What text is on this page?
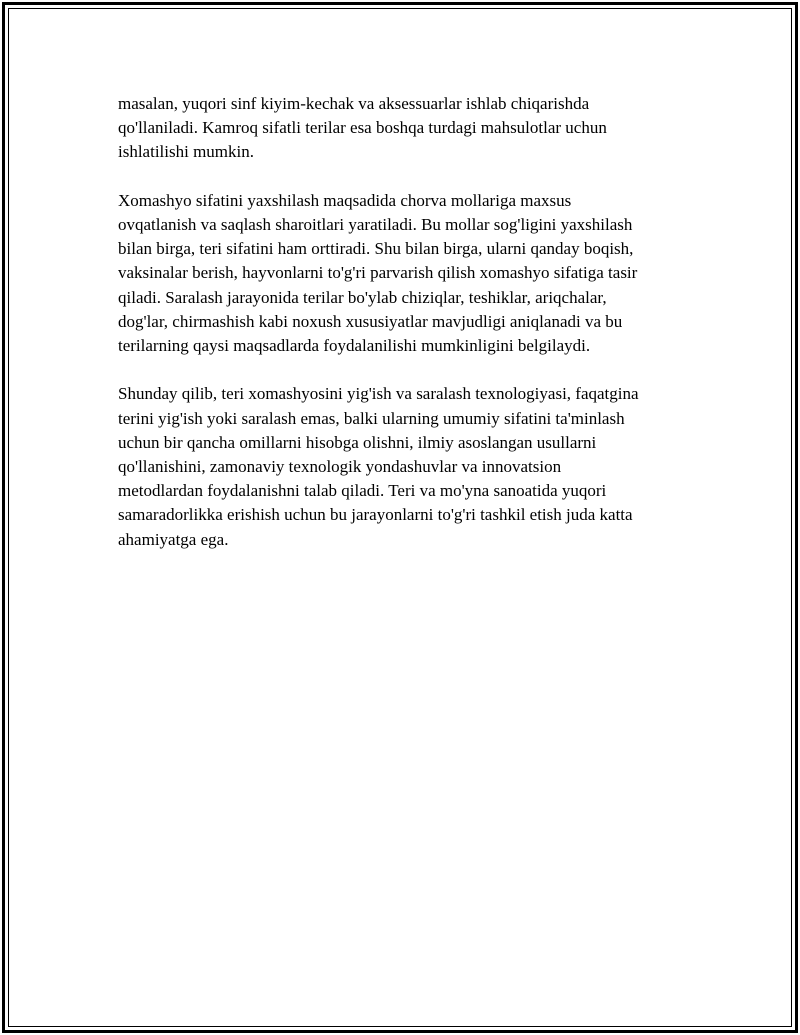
masalan, yuqori sinf kiyim-kechak va aksessuarlar ishlab chiqarishda
qo'llaniladi. Kamroq sifatli terilar esa boshqa turdagi mahsulotlar uchun
ishlatilishi mumkin.

Xomashyo sifatini yaxshilash maqsadida chorva mollariga maxsus
ovqatlanish va saqlash sharoitlari yaratiladi. Bu mollar sog'ligini yaxshilash
bilan birga, teri sifatini ham orttiradi. Shu bilan birga, ularni qanday boqish,
vaksinalar berish, hayvonlarni to'g'ri parvarish qilish xomashyo sifatiga tasir
qiladi. Saralash jarayonida terilar bo'ylab chiziqlar, teshiklar, ariqchalar,
dog'lar, chirmashish kabi noxush xususiyatlar mavjudligi aniqlanadi va bu
terilarning qaysi maqsadlarda foydalanilishi mumkinligini belgilaydi.

Shunday qilib, teri xomashyosini yig'ish va saralash texnologiyasi, faqatgina
terini yig'ish yoki saralash emas, balki ularning umumiy sifatini ta'minlash
uchun bir qancha omillarni hisobga olishni, ilmiy asoslangan usullarni
qo'llanishini, zamonaviy texnologik yondashuvlar va innovatsion
metodlardan foydalanishni talab qiladi. Teri va mo'yna sanoatida yuqori
samaradorlikka erishish uchun bu jarayonlarni to'g'ri tashkil etish juda katta
ahamiyatga ega.
